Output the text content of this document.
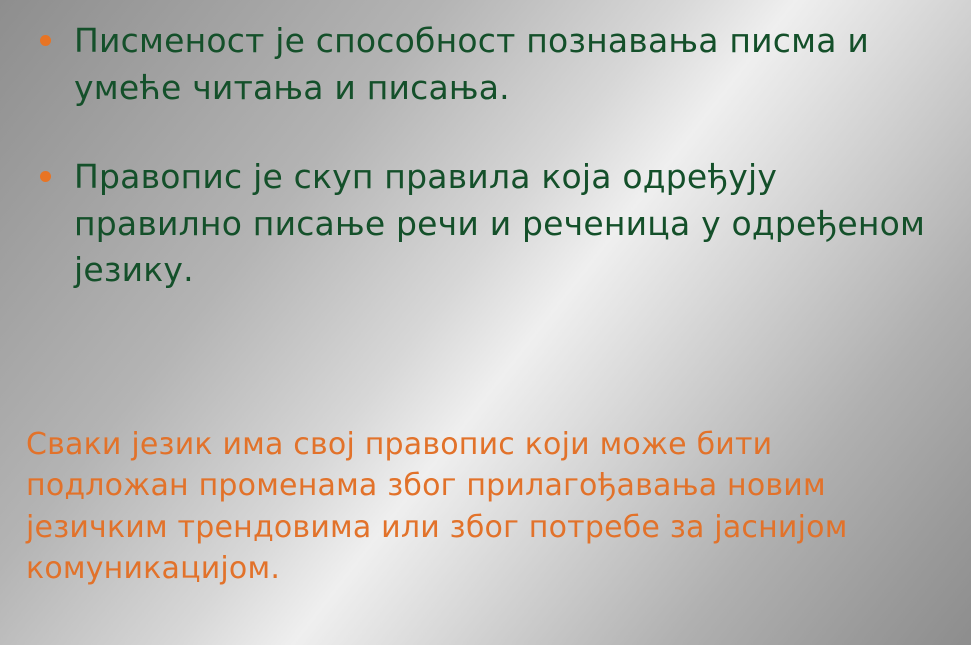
Писменост је способност познавања писма и умеће читања и писања.
Правопис је скуп правила која одређују правилно писање речи и реченица у одређеном језику.
Сваки језик има свој правопис који може бити подложан променама због прилагођавања новим језичким трендовима или због потребе за јаснијом комуникацијом.
